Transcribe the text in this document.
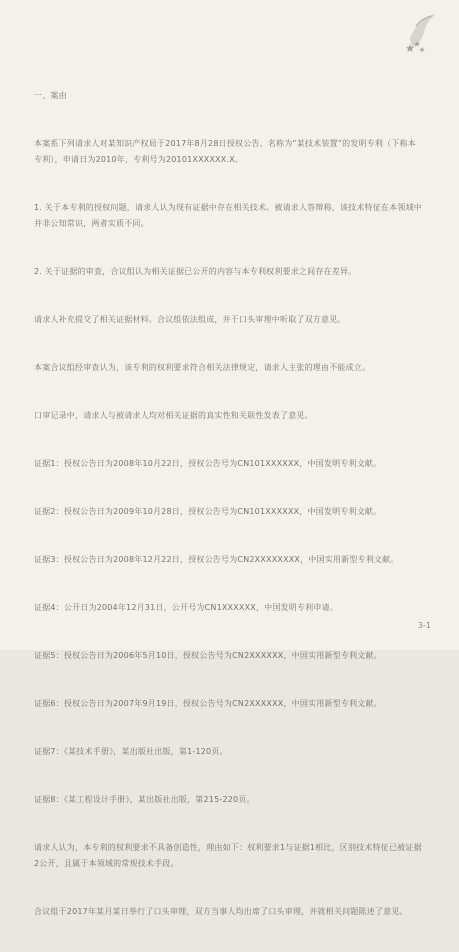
一、案由

本案系下列请求人对某知识产权局于2017年8月28日授权公告、名称为“某技术装置”的发明专利（下称本专利），申请日为2010年，专利号为20101XXXXXX.X。

1. 关于本专利的授权问题，请求人认为现有证据中存在相关技术。被请求人答辩称，该技术特征在本领域中并非公知常识，两者实质不同。

2. 关于证据的审查，合议组认为相关证据已公开的内容与本专利权利要求之间存在差异。

请求人补充提交了相关证据材料。合议组依法组成，并于口头审理中听取了双方意见。

本案合议组经审查认为，该专利的权利要求符合相关法律规定，请求人主张的理由不能成立。

口审记录中，请求人与被请求人均对相关证据的真实性和关联性发表了意见。

证据1：授权公告日为2008年10月22日，授权公告号为CN101XXXXXX，中国发明专利文献。

证据2：授权公告日为2009年10月28日，授权公告号为CN101XXXXXX，中国发明专利文献。

证据3：授权公告日为2008年12月22日，授权公告号为CN2XXXXXXXX，中国实用新型专利文献。

证据4：公开日为2004年12月31日，公开号为CN1XXXXXX，中国发明专利申请。

证据5：授权公告日为2006年5月10日，授权公告号为CN2XXXXXX，中国实用新型专利文献。

证据6：授权公告日为2007年9月19日，授权公告号为CN2XXXXXX，中国实用新型专利文献。

证据7：《某技术手册》，某出版社出版，第1-120页。

证据8：《某工程设计手册》，某出版社出版，第215-220页。

请求人认为，本专利的权利要求不具备创造性，理由如下：权利要求1与证据1相比，区别技术特征已被证据2公开，且属于本领域的常规技术手段。

合议组于2017年某月某日举行了口头审理，双方当事人均出席了口头审理，并就相关问题陈述了意见。

3-1
